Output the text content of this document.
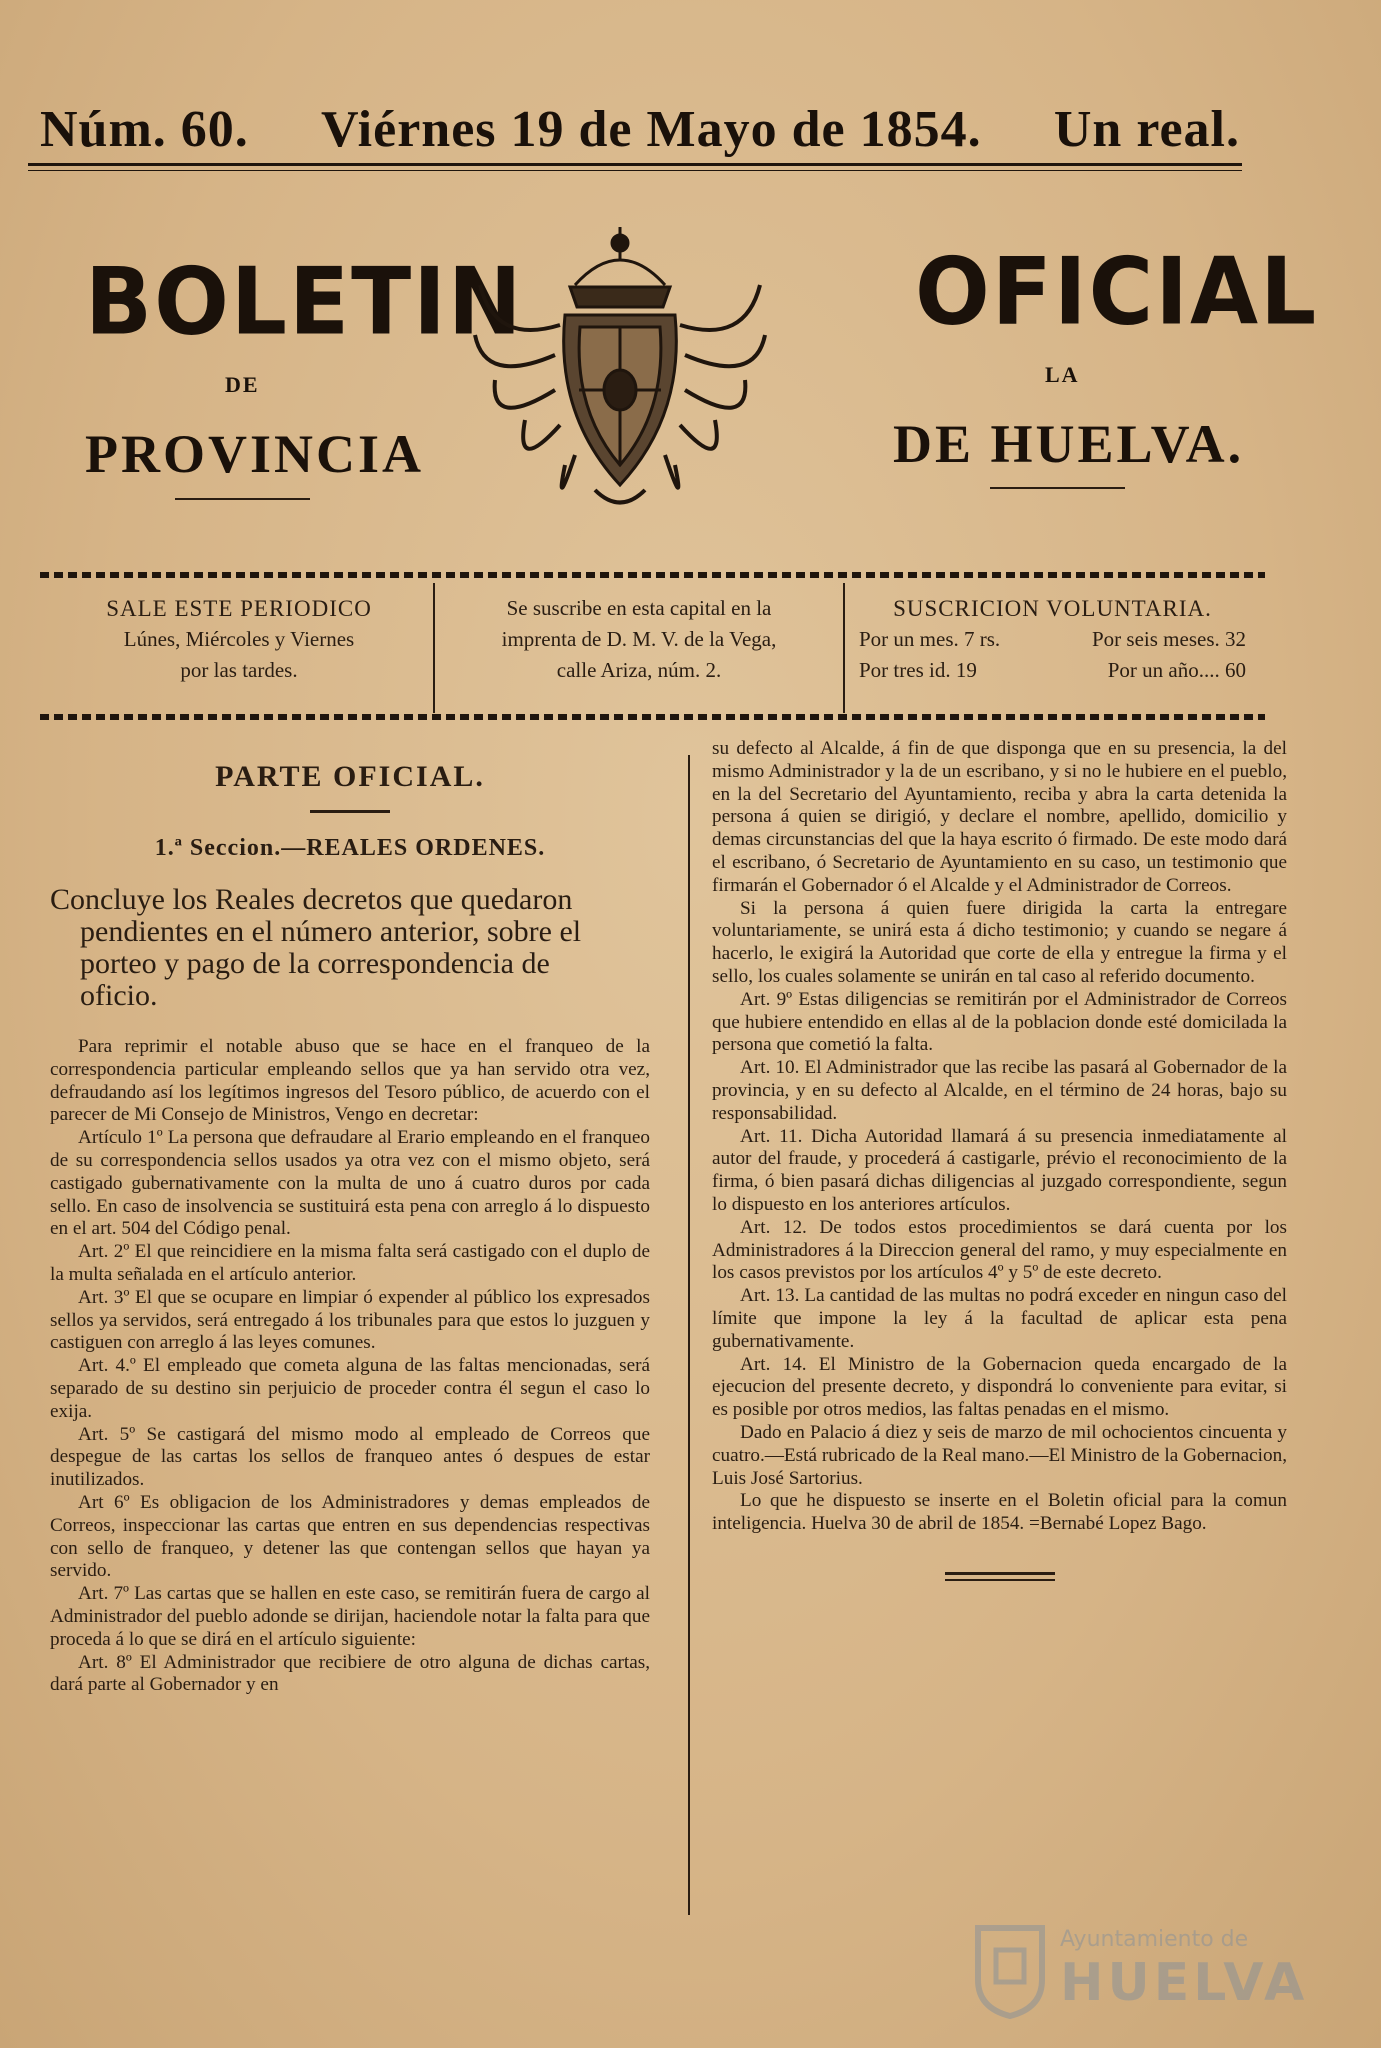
Núm. 60. Viérnes 19 de Mayo de 1854. Un real.
BOLETIN	OFICIAL
DE	LA
PROVINCIA	DE HUELVA.
SALE ESTE PERIODICO
Lúnes, Miércoles y Viernes
por las tardes.
Se suscribe en esta capital en la
imprenta de D. M. V. de la Vega,
calle Ariza, núm. 2.
SUSCRICION VOLUNTARIA.
Por un mes. 7 rs.	Por seis meses. 32
Por tres id. 19	Por un año.... 60
PARTE OFICIAL.
1.ª Seccion.—REALES ORDENES.

Concluye los Reales decretos que quedaron
pendientes en el número anterior, sobre el
porteo y pago de la correspondencia de
oficio.

Para reprimir el notable abuso que se hace en el franqueo de la correspondencia particular empleando sellos que ya han servido otra vez, defraudando así los legítimos ingresos del Tesoro público, de acuerdo con el parecer de Mi Consejo de Ministros, Vengo en decretar:

Artículo 1º La persona que defraudare al Erario empleando en el franqueo de su correspondencia sellos usados ya otra vez con el mismo objeto, será castigado gubernativamente con la multa de uno á cuatro duros por cada sello. En caso de insolvencia se sustituirá esta pena con arreglo á lo dispuesto en el art. 504 del Código penal.

Art. 2º El que reincidiere en la misma falta será castigado con el duplo de la multa señalada en el artículo anterior.

Art. 3º El que se ocupare en limpiar ó expender al público los expresados sellos ya servidos, será entregado á los tribunales para que estos lo juzguen y castiguen con arreglo á las leyes comunes.

Art. 4.º El empleado que cometa alguna de las faltas mencionadas, será separado de su destino sin perjuicio de proceder contra él segun el caso lo exija.

Art. 5º Se castigará del mismo modo al empleado de Correos que despegue de las cartas los sellos de franqueo antes ó despues de estar inutilizados.

Art 6º Es obligacion de los Administradores y demas empleados de Correos, inspeccionar las cartas que entren en sus dependencias respectivas con sello de franqueo, y detener las que contengan sellos que hayan ya servido.

Art. 7º Las cartas que se hallen en este caso, se remitirán fuera de cargo al Administrador del pueblo adonde se dirijan, haciendole notar la falta para que proceda á lo que se dirá en el artículo siguiente:

Art. 8º El Administrador que recibiere de otro alguna de dichas cartas, dará parte al Gobernador y en

su defecto al Alcalde, á fin de que disponga que en su presencia, la del mismo Administrador y la de un escribano, y si no le hubiere en el pueblo, en la del Secretario del Ayuntamiento, reciba y abra la carta detenida la persona á quien se dirigió, y declare el nombre, apellido, domicilio y demas circunstancias del que la haya escrito ó firmado. De este modo dará el escribano, ó Secretario de Ayuntamiento en su caso, un testimonio que firmarán el Gobernador ó el Alcalde y el Administrador de Correos.

Si la persona á quien fuere dirigida la carta la entregare voluntariamente, se unirá esta á dicho testimonio; y cuando se negare á hacerlo, le exigirá la Autoridad que corte de ella y entregue la firma y el sello, los cuales solamente se unirán en tal caso al referido documento.

Art. 9º Estas diligencias se remitirán por el Administrador de Correos que hubiere entendido en ellas al de la poblacion donde esté domicilada la persona que cometió la falta.

Art. 10. El Administrador que las recibe las pasará al Gobernador de la provincia, y en su defecto al Alcalde, en el término de 24 horas, bajo su responsabilidad.

Art. 11. Dicha Autoridad llamará á su presencia inmediatamente al autor del fraude, y procederá á castigarle, prévio el reconocimiento de la firma, ó bien pasará dichas diligencias al juzgado correspondiente, segun lo dispuesto en los anteriores artículos.

Art. 12. De todos estos procedimientos se dará cuenta por los Administradores á la Direccion general del ramo, y muy especialmente en los casos previstos por los artículos 4º y 5º de este decreto.

Art. 13. La cantidad de las multas no podrá exceder en ningun caso del límite que impone la ley á la facultad de aplicar esta pena gubernativamente.

Art. 14. El Ministro de la Gobernacion queda encargado de la ejecucion del presente decreto, y dispondrá lo conveniente para evitar, si es posible por otros medios, las faltas penadas en el mismo.

Dado en Palacio á diez y seis de marzo de mil ochocientos cincuenta y cuatro.—Está rubricado de la Real mano.—El Ministro de la Gobernacion, Luis José Sartorius.

Lo que he dispuesto se inserte en el Boletin oficial para la comun inteligencia. Huelva 30 de abril de 1854. =Bernabé Lopez Bago.

Ayuntamiento de
HUELVA
